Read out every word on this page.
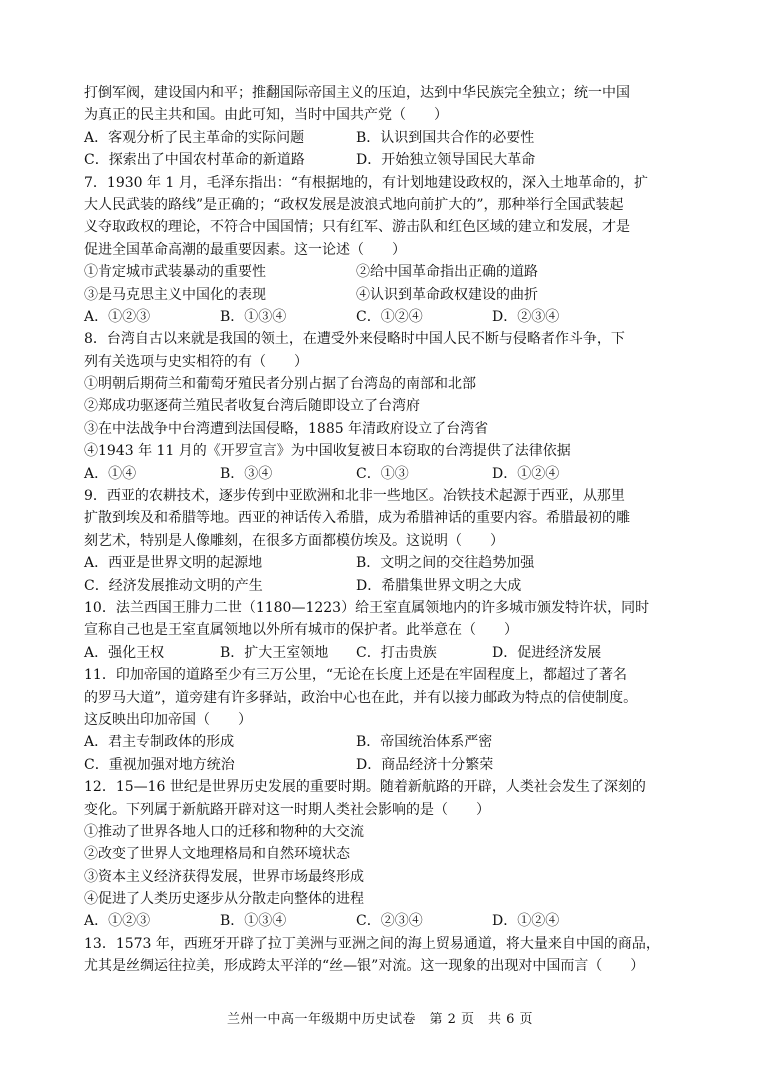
打倒军阀，建设国内和平；推翻国际帝国主义的压迫，达到中华民族完全独立；统一中国
为真正的民主共和国。由此可知，当时中国共产党（　　）
A．客观分析了民主革命的实际问题	B．认识到国共合作的必要性
C．探索出了中国农村革命的新道路	D．开始独立领导国民大革命
7．1930 年 1 月，毛泽东指出：“有根据地的，有计划地建设政权的，深入土地革命的，扩
大人民武装的路线”是正确的；“政权发展是波浪式地向前扩大的”，那种举行全国武装起
义夺取政权的理论，不符合中国国情；只有红军、游击队和红色区域的建立和发展，才是
促进全国革命高潮的最重要因素。这一论述（　　）
①肯定城市武装暴动的重要性	②给中国革命指出正确的道路
③是马克思主义中国化的表现	④认识到革命政权建设的曲折
A．①②③	B．①③④	C．①②④	D．②③④
8．台湾自古以来就是我国的领土，在遭受外来侵略时中国人民不断与侵略者作斗争，下
列有关选项与史实相符的有（　　）
①明朝后期荷兰和葡萄牙殖民者分别占据了台湾岛的南部和北部
②郑成功驱逐荷兰殖民者收复台湾后随即设立了台湾府
③在中法战争中台湾遭到法国侵略，1885 年清政府设立了台湾省
④1943 年 11 月的《开罗宣言》为中国收复被日本窃取的台湾提供了法律依据
A．①④	B．③④	C．①③	D．①②④
9．西亚的农耕技术，逐步传到中亚欧洲和北非一些地区。冶铁技术起源于西亚，从那里
扩散到埃及和希腊等地。西亚的神话传入希腊，成为希腊神话的重要内容。希腊最初的雕
刻艺术，特别是人像雕刻，在很多方面都模仿埃及。这说明（　　）
A．西亚是世界文明的起源地	B．文明之间的交往趋势加强
C．经济发展推动文明的产生	D．希腊集世界文明之大成
10．法兰西国王腓力二世（1180—1223）给王室直属领地内的许多城市颁发特许状，同时
宣称自己也是王室直属领地以外所有城市的保护者。此举意在（　　）
A．强化王权	B．扩大王室领地	C．打击贵族	D．促进经济发展
11．印加帝国的道路至少有三万公里，“无论在长度上还是在牢固程度上，都超过了著名
的罗马大道”，道旁建有许多驿站，政治中心也在此，并有以接力邮政为特点的信使制度。
这反映出印加帝国（　　）
A．君主专制政体的形成	B．帝国统治体系严密
C．重视加强对地方统治	D．商品经济十分繁荣
12．15—16 世纪是世界历史发展的重要时期。随着新航路的开辟，人类社会发生了深刻的
变化。下列属于新航路开辟对这一时期人类社会影响的是（　　）
①推动了世界各地人口的迁移和物种的大交流
②改变了世界人文地理格局和自然环境状态
③资本主义经济获得发展，世界市场最终形成
④促进了人类历史逐步从分散走向整体的进程
A．①②③	B．①③④	C．②③④	D．①②④
13．1573 年，西班牙开辟了拉丁美洲与亚洲之间的海上贸易通道，将大量来自中国的商品，
尤其是丝绸运往拉美，形成跨太平洋的“丝—银”对流。这一现象的出现对中国而言（　　）
兰州一中高一年级期中历史试卷　第 2 页　共 6 页
